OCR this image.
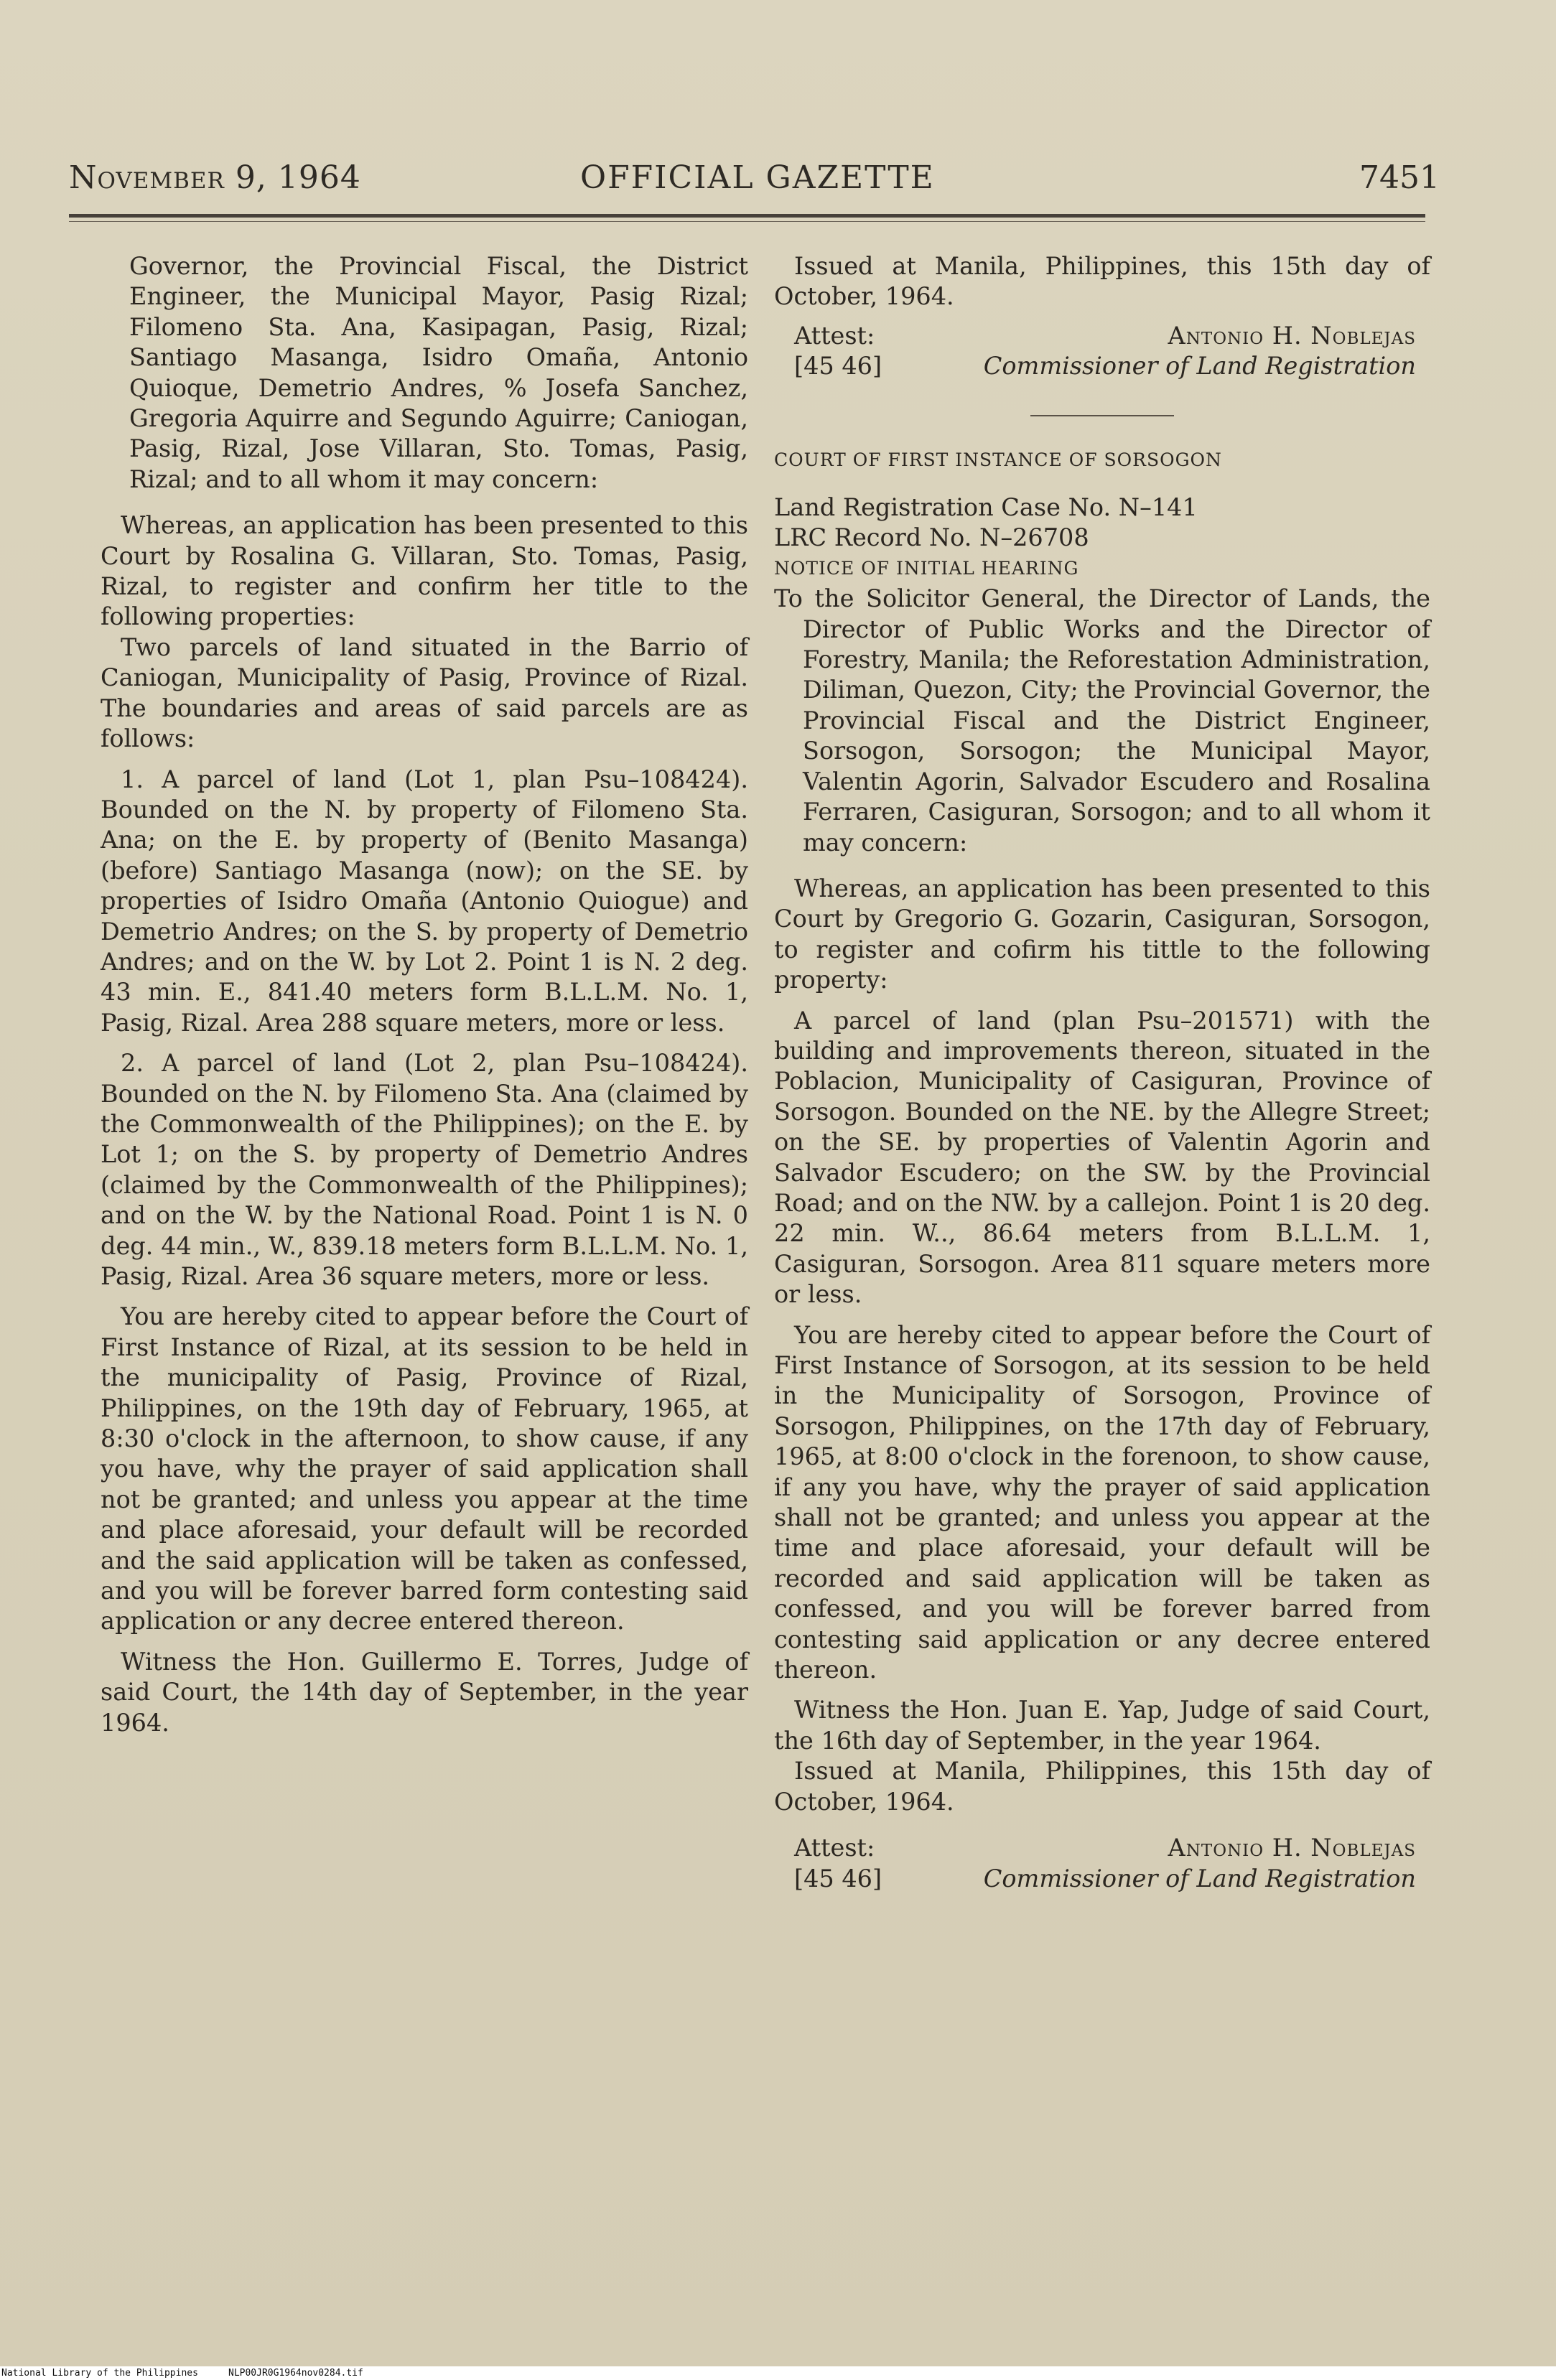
November 9, 1964	OFFICIAL GAZETTE	7451

Governor, the Provincial Fiscal, the District Engineer, the Municipal Mayor, Pasig Rizal; Filomeno Sta. Ana, Kasipagan, Pasig, Rizal; Santiago Masanga, Isidro Omaña, Antonio Quioque, Demetrio Andres, % Josefa Sanchez, Gregoria Aquirre and Segundo Aguirre; Caniogan, Pasig, Rizal, Jose Villaran, Sto. Tomas, Pasig, Rizal; and to all whom it may concern:

Whereas, an application has been presented to this Court by Rosalina G. Villaran, Sto. Tomas, Pasig, Rizal, to register and confirm her title to the following properties:

Two parcels of land situated in the Barrio of Caniogan, Municipality of Pasig, Province of Rizal. The boundaries and areas of said parcels are as follows:

1. A parcel of land (Lot 1, plan Psu–108424). Bounded on the N. by property of Filomeno Sta. Ana; on the E. by property of (Benito Masanga) (before) Santiago Masanga (now); on the SE. by properties of Isidro Omaña (Antonio Quiogue) and Demetrio Andres; on the S. by property of Demetrio Andres; and on the W. by Lot 2. Point 1 is N. 2 deg. 43 min. E., 841.40 meters form B.L.L.M. No. 1, Pasig, Rizal. Area 288 square meters, more or less.

2. A parcel of land (Lot 2, plan Psu–108424). Bounded on the N. by Filomeno Sta. Ana (claimed by the Commonwealth of the Philippines); on the E. by Lot 1; on the S. by property of Demetrio Andres (claimed by the Commonwealth of the Philippines); and on the W. by the National Road. Point 1 is N. 0 deg. 44 min., W., 839.18 meters form B.L.L.M. No. 1, Pasig, Rizal. Area 36 square meters, more or less.

You are hereby cited to appear before the Court of First Instance of Rizal, at its session to be held in the municipality of Pasig, Province of Rizal, Philippines, on the 19th day of February, 1965, at 8:30 o'clock in the afternoon, to show cause, if any you have, why the prayer of said application shall not be granted; and unless you appear at the time and place aforesaid, your default will be recorded and the said application will be taken as confessed, and you will be forever barred form contesting said application or any decree entered thereon.

Witness the Hon. Guillermo E. Torres, Judge of said Court, the 14th day of September, in the year 1964.

Issued at Manila, Philippines, this 15th day of October, 1964.

Attest:	Antonio H. Noblejas
[45 46]	Commissioner of Land Registration

COURT OF FIRST INSTANCE OF SORSOGON

Land Registration Case No. N–141

LRC Record No. N–26708

NOTICE OF INITIAL HEARING

To the Solicitor General, the Director of Lands, the Director of Public Works and the Director of Forestry, Manila; the Reforestation Administration, Diliman, Quezon, City; the Provincial Governor, the Provincial Fiscal and the District Engineer, Sorsogon, Sorsogon; the Municipal Mayor, Valentin Agorin, Salvador Escudero and Rosalina Ferraren, Casiguran, Sorsogon; and to all whom it may concern:

Whereas, an application has been presented to this Court by Gregorio G. Gozarin, Casiguran, Sorsogon, to register and cofirm his tittle to the following property:

A parcel of land (plan Psu–201571) with the building and improvements thereon, situated in the Poblacion, Municipality of Casiguran, Province of Sorsogon. Bounded on the NE. by the Allegre Street; on the SE. by properties of Valentin Agorin and Salvador Escudero; on the SW. by the Provincial Road; and on the NW. by a callejon. Point 1 is 20 deg. 22 min. W.., 86.64 meters from B.L.L.M. 1, Casiguran, Sorsogon. Area 811 square meters more or less.

You are hereby cited to appear before the Court of First Instance of Sorsogon, at its session to be held in the Municipality of Sorsogon, Province of Sorsogon, Philippines, on the 17th day of February, 1965, at 8:00 o'clock in the forenoon, to show cause, if any you have, why the prayer of said application shall not be granted; and unless you appear at the time and place aforesaid, your default will be recorded and said application will be taken as confessed, and you will be forever barred from contesting said application or any decree entered thereon.

Witness the Hon. Juan E. Yap, Judge of said Court, the 16th day of September, in the year 1964.

Issued at Manila, Philippines, this 15th day of October, 1964.

Attest:	Antonio H. Noblejas
[45 46]	Commissioner of Land Registration
National Library of the Philippines	NLP00JR0G1964nov0284.tif
